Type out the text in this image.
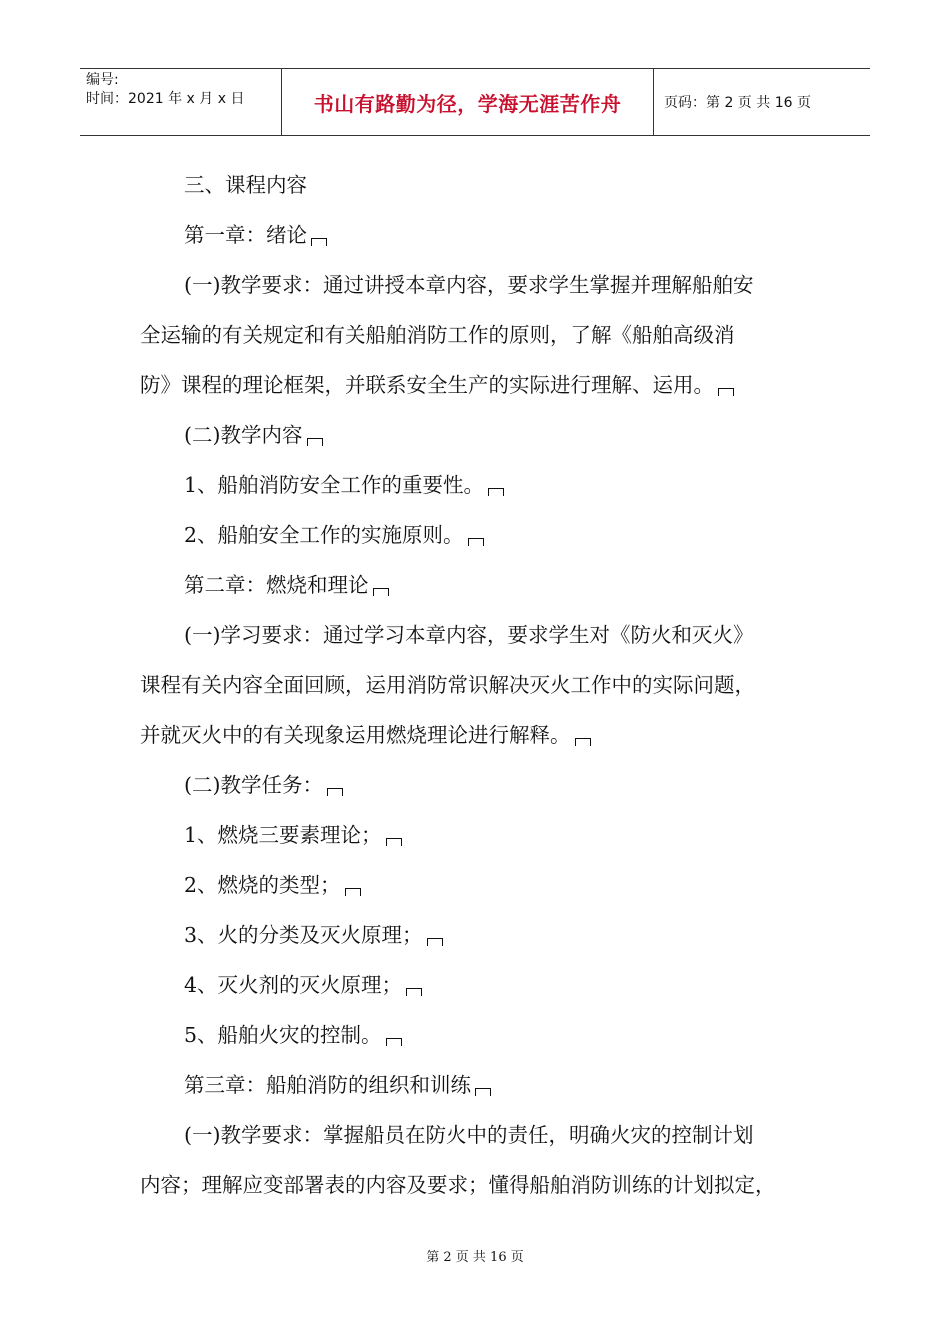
编号:
时间：2021 年 x 月 x 日	书山有路勤为径，学海无涯苦作舟	页码：第 2 页 共 16 页
三、课程内容
第一章：绪论
(一)教学要求：通过讲授本章内容，要求学生掌握并理解船舶安
全运输的有关规定和有关船舶消防工作的原则，了解《船舶高级消
防》课程的理论框架，并联系安全生产的实际进行理解、运用。
(二)教学内容
1、船舶消防安全工作的重要性。
2、船舶安全工作的实施原则。
第二章：燃烧和理论
(一)学习要求：通过学习本章内容，要求学生对《防火和灭火》
课程有关内容全面回顾，运用消防常识解决灭火工作中的实际问题，
并就灭火中的有关现象运用燃烧理论进行解释。
(二)教学任务：
1、燃烧三要素理论；
2、燃烧的类型；
3、火的分类及灭火原理；
4、灭火剂的灭火原理；
5、船舶火灾的控制。
第三章：船舶消防的组织和训练
(一)教学要求：掌握船员在防火中的责任，明确火灾的控制计划
内容；理解应变部署表的内容及要求；懂得船舶消防训练的计划拟定，
第 2 页 共 16 页
